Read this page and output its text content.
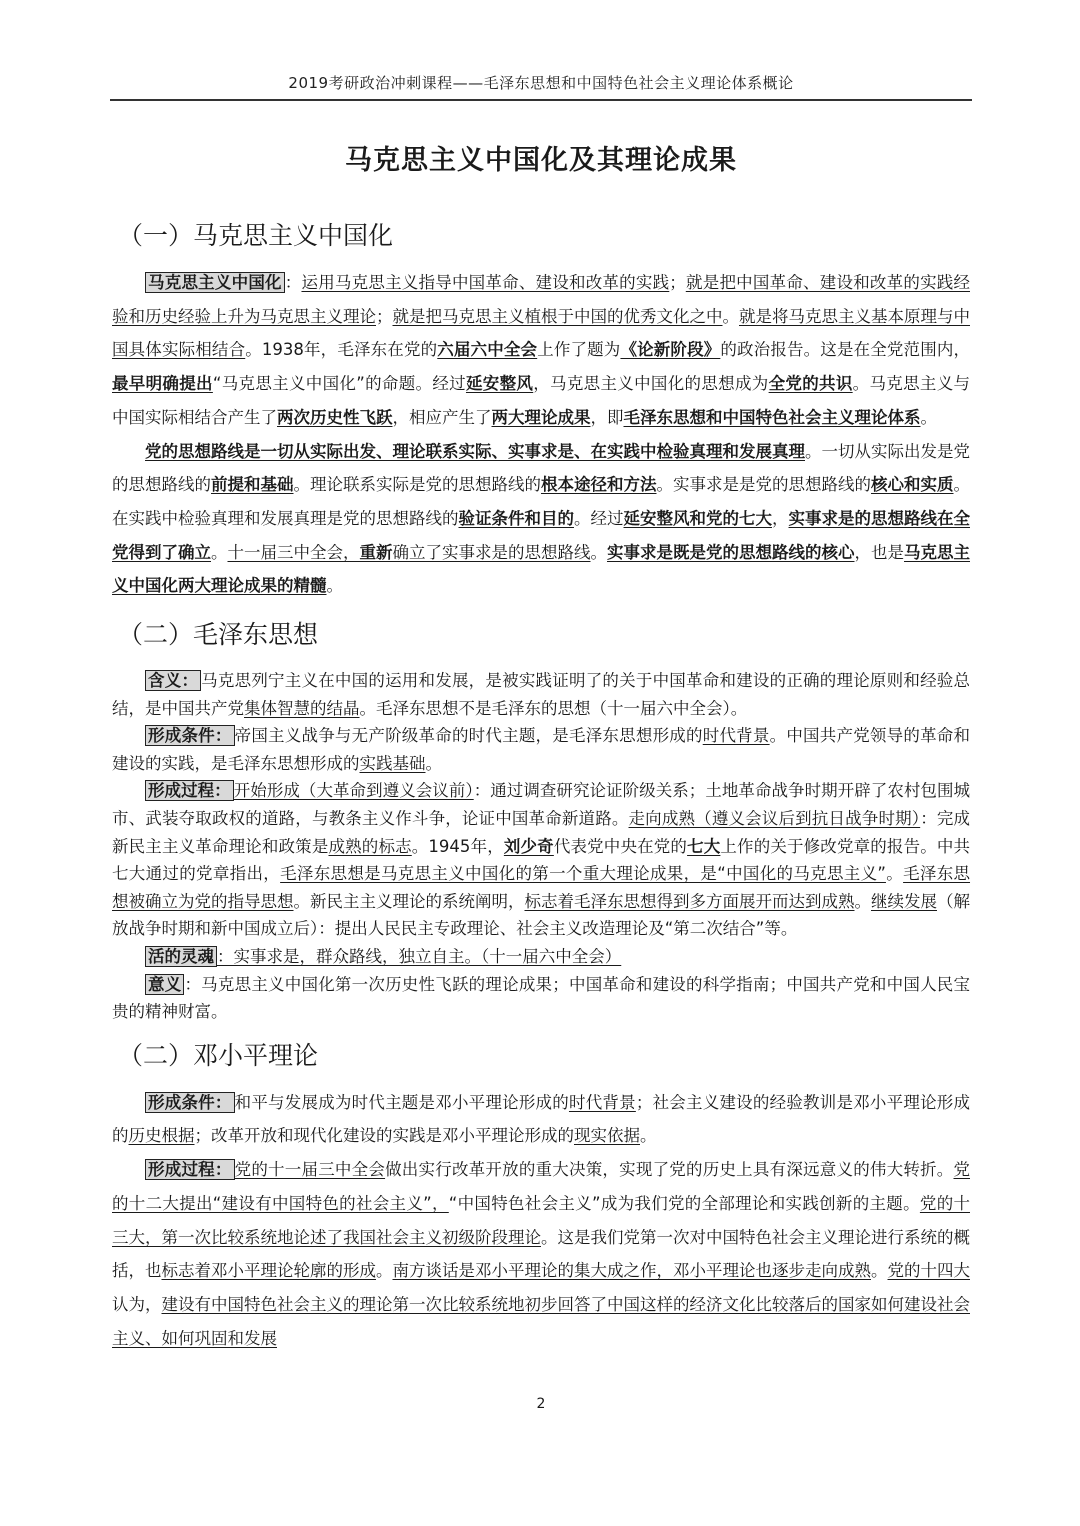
2019考研政治冲刺课程——毛泽东思想和中国特色社会主义理论体系概论
马克思主义中国化及其理论成果
（一）马克思主义中国化

马克思主义中国化 ：运用马克思主义指导中国革命、建设和改革的实践；就是把中国革命、建设和改革的实践经验和历史经验上升为马克思主义理论；就是把马克思主义植根于中国的优秀文化之中。就是将马克思主义基本原理与中国具体实际相结合。1938年，毛泽东在党的六届六中全会上作了题为《论新阶段》的政治报告。这是在全党范围内，最早明确提出“马克思主义中国化”的命题。经过延安整风，马克思主义中国化的思想成为全党的共识。马克思主义与中国实际相结合产生了两次历史性飞跃，相应产生了两大理论成果，即毛泽东思想和中国特色社会主义理论体系。

党的思想路线是一切从实际出发、理论联系实际、实事求是、在实践中检验真理和发展真理。一切从实际出发是党的思想路线的前提和基础。理论联系实际是党的思想路线的根本途径和方法。实事求是是党的思想路线的核心和实质。在实践中检验真理和发展真理是党的思想路线的验证条件和目的。经过延安整风和党的七大，实事求是的思想路线在全党得到了确立。十一届三中全会，重新确立了实事求是的思想路线。实事求是既是党的思想路线的核心，也是马克思主义中国化两大理论成果的精髓。

（二）毛泽东思想

含义： 马克思列宁主义在中国的运用和发展，是被实践证明了的关于中国革命和建设的正确的理论原则和经验总结，是中国共产党集体智慧的结晶。毛泽东思想不是毛泽东的思想（十一届六中全会）。

形成条件： 帝国主义战争与无产阶级革命的时代主题，是毛泽东思想形成的时代背景。中国共产党领导的革命和建设的实践，是毛泽东思想形成的实践基础。

形成过程： 开始形成（大革命到遵义会议前）：通过调查研究论证阶级关系；土地革命战争时期开辟了农村包围城市、武装夺取政权的道路，与教条主义作斗争，论证中国革命新道路。走向成熟（遵义会议后到抗日战争时期）：完成新民主主义革命理论和政策是成熟的标志。1945年，刘少奇代表党中央在党的七大上作的关于修改党章的报告。中共七大通过的党章指出，毛泽东思想是马克思主义中国化的第一个重大理论成果，是“中国化的马克思主义”。毛泽东思想被确立为党的指导思想。新民主主义理论的系统阐明，标志着毛泽东思想得到多方面展开而达到成熟。继续发展（解放战争时期和新中国成立后）：提出人民民主专政理论、社会主义改造理论及“第二次结合”等。

活的灵魂 ：实事求是，群众路线，独立自主。（十一届六中全会）

意义 ：马克思主义中国化第一次历史性飞跃的理论成果；中国革命和建设的科学指南；中国共产党和中国人民宝贵的精神财富。

（二）邓小平理论

形成条件： 和平与发展成为时代主题是邓小平理论形成的时代背景；社会主义建设的经验教训是邓小平理论形成的历史根据；改革开放和现代化建设的实践是邓小平理论形成的现实依据。

形成过程： 党的十一届三中全会做出实行改革开放的重大决策，实现了党的历史上具有深远意义的伟大转折。党的十二大提出“建设有中国特色的社会主义”，“中国特色社会主义”成为我们党的全部理论和实践创新的主题。党的十三大，第一次比较系统地论述了我国社会主义初级阶段理论。这是我们党第一次对中国特色社会主义理论进行系统的概括，也标志着邓小平理论轮廓的形成。南方谈话是邓小平理论的集大成之作，邓小平理论也逐步走向成熟。党的十四大认为，建设有中国特色社会主义的理论第一次比较系统地初步回答了中国这样的经济文化比较落后的国家如何建设社会主义、如何巩固和发展

2
